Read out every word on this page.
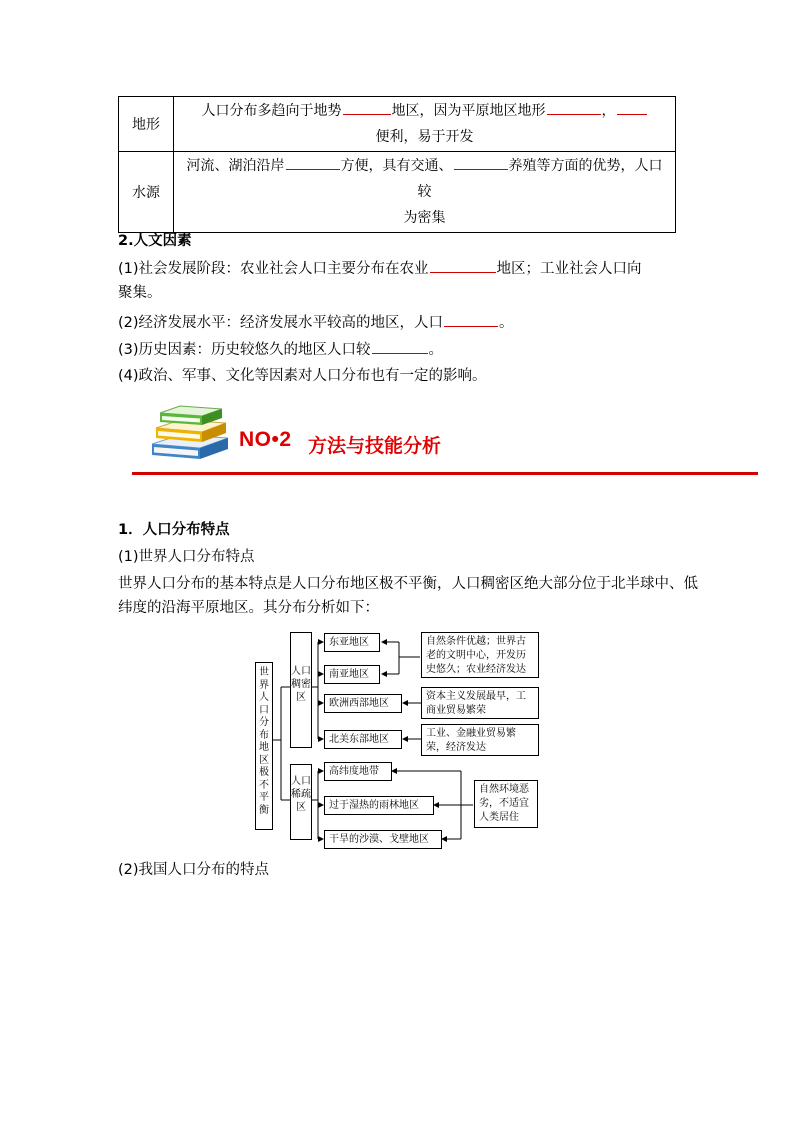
地形	人口分布多趋向于地势 地区，因为平原地区地形 ，
便利，易于开发
水源	河流、湖泊沿岸 方便，具有交通、 养殖等方面的优势，人口较
为密集
2.人文因素
(1)社会发展阶段：农业社会人口主要分布在农业	地区；工业社会人口向
聚集。
(2)经济发展水平：经济发展水平较高的地区，人口	。
(3)历史因素：历史较悠久的地区人口较	。
(4)政治、军事、文化等因素对人口分布也有一定的影响。
NO•2 方法与技能分析
1．人口分布特点
(1)世界人口分布特点
世界人口分布的基本特点是人口分布地区极不平衡，人口稠密区绝大部分位于北半球中、低
纬度的沿海平原地区。其分布分析如下：
世界人口分布地区极不平衡
人口稠密区
人口稀疏区
东亚地区
南亚地区
欧洲西部地区
北美东部地区
自然条件优越；世界古老的文明中心，开发历史悠久；农业经济发达
资本主义发展最早，工商业贸易繁荣
工业、金融业贸易繁荣，经济发达
高纬度地带
过于湿热的雨林地区
干旱的沙漠、戈壁地区
自然环境恶劣，不适宜人类居住
(2)我国人口分布的特点
